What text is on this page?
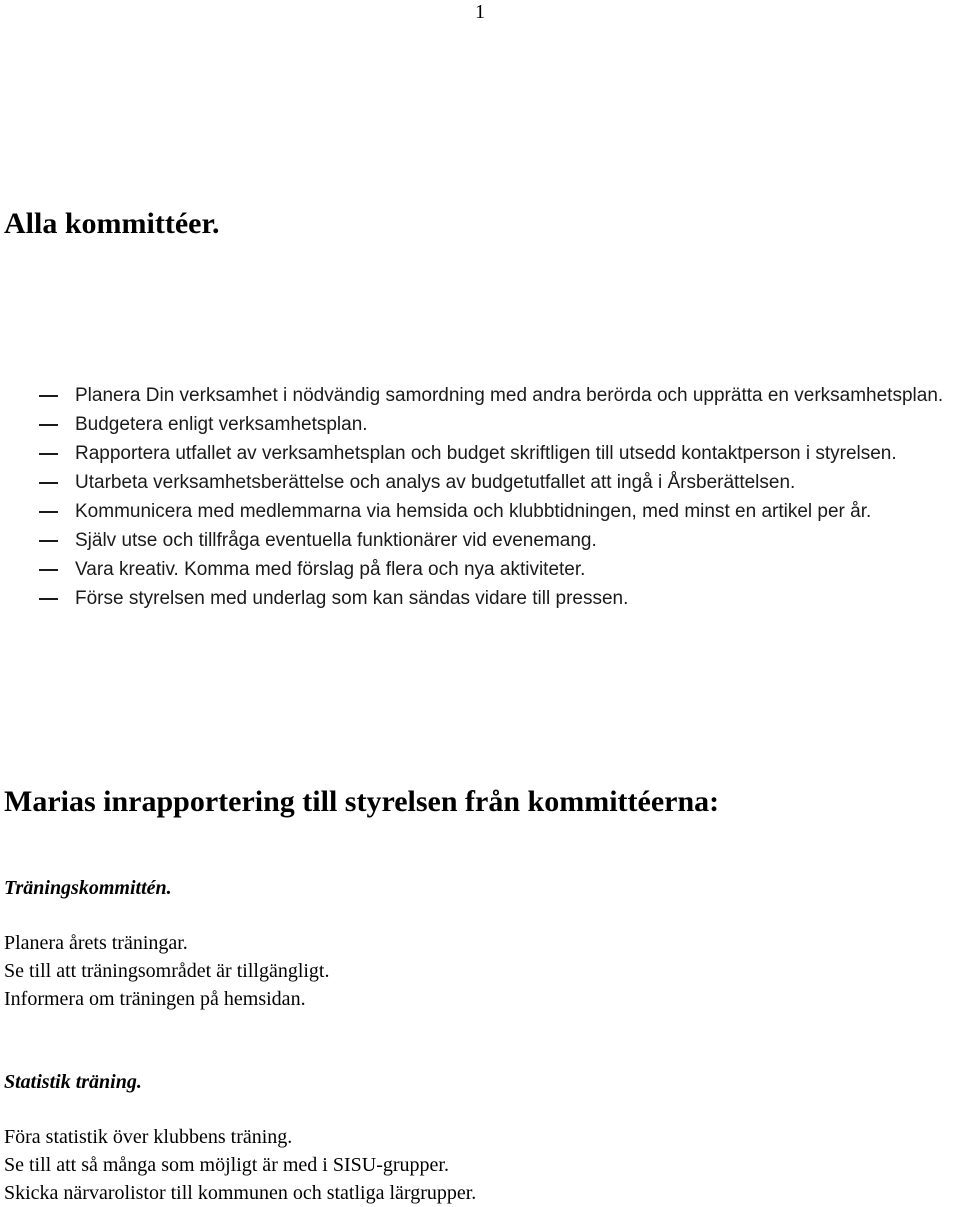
1
Alla kommittéer.
Planera Din verksamhet i nödvändig samordning med andra berörda och upprätta en verksamhetsplan.
Budgetera enligt verksamhetsplan.
Rapportera utfallet av verksamhetsplan och budget skriftligen till utsedd kontaktperson i styrelsen.
Utarbeta verksamhetsberättelse och analys av budgetutfallet att ingå i Årsberättelsen.
Kommunicera med medlemmarna via hemsida och klubbtidningen, med minst en artikel per år.
Själv utse och tillfråga eventuella funktionärer vid evenemang.
Vara kreativ. Komma med förslag på flera och nya aktiviteter.
Förse styrelsen med underlag som kan sändas vidare till pressen.
Marias inrapportering till styrelsen från kommittéerna:
Träningskommittén.
Planera årets träningar.
Se till att träningsområdet är tillgängligt.
Informera om träningen på hemsidan.
Statistik träning.
Föra statistik över klubbens träning.
Se till att så många som möjligt är med i SISU-grupper.
Skicka närvarolistor till kommunen och statliga lärgrupper.
